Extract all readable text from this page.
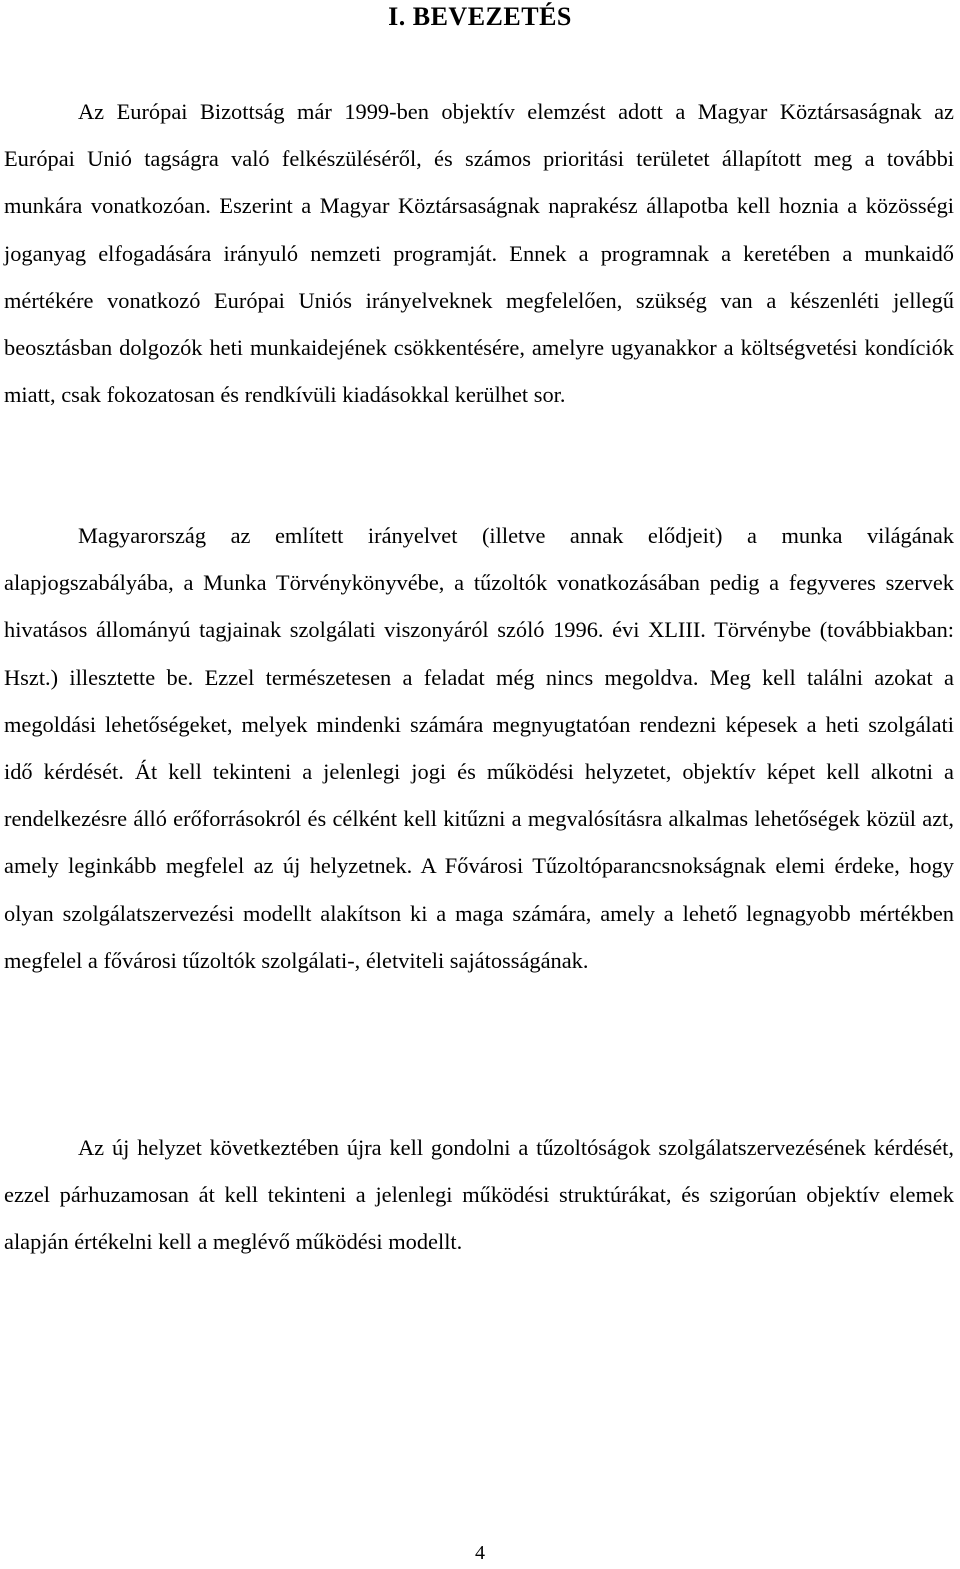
I. BEVEZETÉS

Az Európai Bizottság már 1999-ben objektív elemzést adott a Magyar Köztársaságnak az Európai Unió tagságra való felkészüléséről, és számos prioritási területet állapított meg a további munkára vonatkozóan. Eszerint a Magyar Köztársaságnak naprakész állapotba kell hoznia a közösségi joganyag elfogadására irányuló nemzeti programját. Ennek a programnak a keretében a munkaidő mértékére vonatkozó Európai Uniós irányelveknek megfelelően, szükség van a készenléti jellegű beosztásban dolgozók heti munkaidejének csökkentésére, amelyre ugyanakkor a költségvetési kondíciók miatt, csak fokozatosan és rendkívüli kiadásokkal kerülhet sor.

Magyarország az említett irányelvet (illetve annak elődjeit) a munka világának alapjogszabályába, a Munka Törvénykönyvébe, a tűzoltók vonatkozásában pedig a fegyveres szervek hivatásos állományú tagjainak szolgálati viszonyáról szóló 1996. évi XLIII. Törvénybe (továbbiakban: Hszt.) illesztette be. Ezzel természetesen a feladat még nincs megoldva. Meg kell találni azokat a megoldási lehetőségeket, melyek mindenki számára megnyugtatóan rendezni képesek a heti szolgálati idő kérdését. Át kell tekinteni a jelenlegi jogi és működési helyzetet, objektív képet kell alkotni a rendelkezésre álló erőforrásokról és célként kell kitűzni a megvalósításra alkalmas lehetőségek közül azt, amely leginkább megfelel az új helyzetnek. A Fővárosi Tűzoltóparancsnokságnak elemi érdeke, hogy olyan szolgálatszervezési modellt alakítson ki a maga számára, amely a lehető legnagyobb mértékben megfelel a fővárosi tűzoltók szolgálati-, életviteli sajátosságának.

Az új helyzet következtében újra kell gondolni a tűzoltóságok szolgálatszervezésének kérdését, ezzel párhuzamosan át kell tekinteni a jelenlegi működési struktúrákat, és szigorúan objektív elemek alapján értékelni kell a meglévő működési modellt.

4
